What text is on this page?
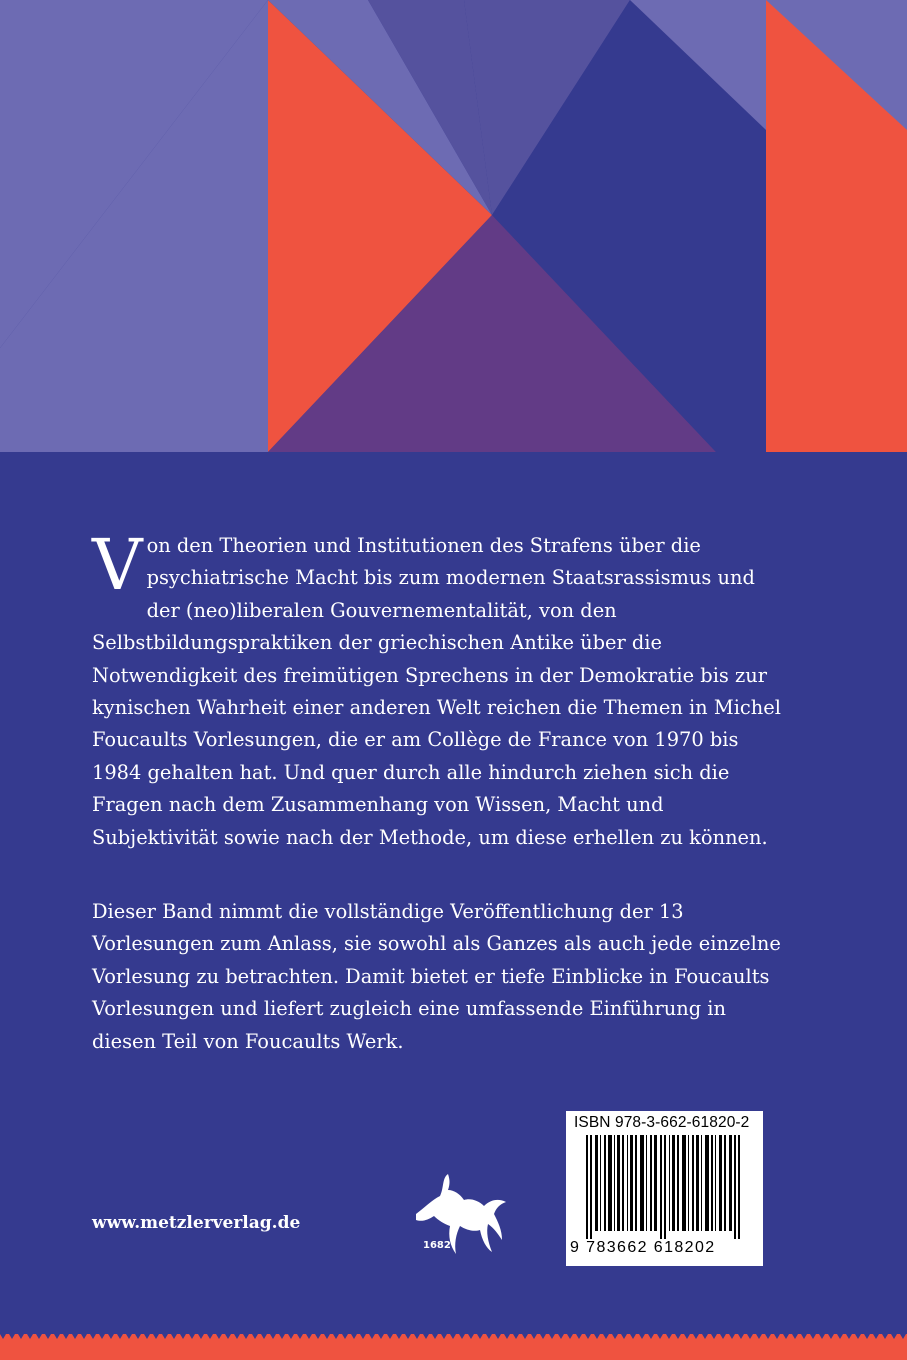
Von den Theorien und Institutionen des Strafens über die psychiatrische Macht bis zum modernen Staatsrassismus und der (neo)liberalen Gouvernementalität, von den Selbstbildungspraktiken der griechischen Antike über die Notwendigkeit des freimütigen Sprechens in der Demokratie bis zur kynischen Wahrheit einer anderen Welt reichen die Themen in Michel Foucaults Vorlesungen, die er am Collège de France von 1970 bis 1984 gehalten hat. Und quer durch alle hindurch ziehen sich die Fragen nach dem Zusammenhang von Wissen, Macht und Subjektivität sowie nach der Methode, um diese erhellen zu können.

Dieser Band nimmt die vollständige Veröffentlichung der 13 Vorlesungen zum Anlass, sie sowohl als Ganzes als auch jede einzelne Vorlesung zu betrachten. Damit bietet er tiefe Einblicke in Foucaults Vorlesungen und liefert zugleich eine umfassende Einführung in diesen Teil von Foucaults Werk.

ISBN 978-3-662-61820-2
9 783662 618202
www.metzlerverlag.de
1682
